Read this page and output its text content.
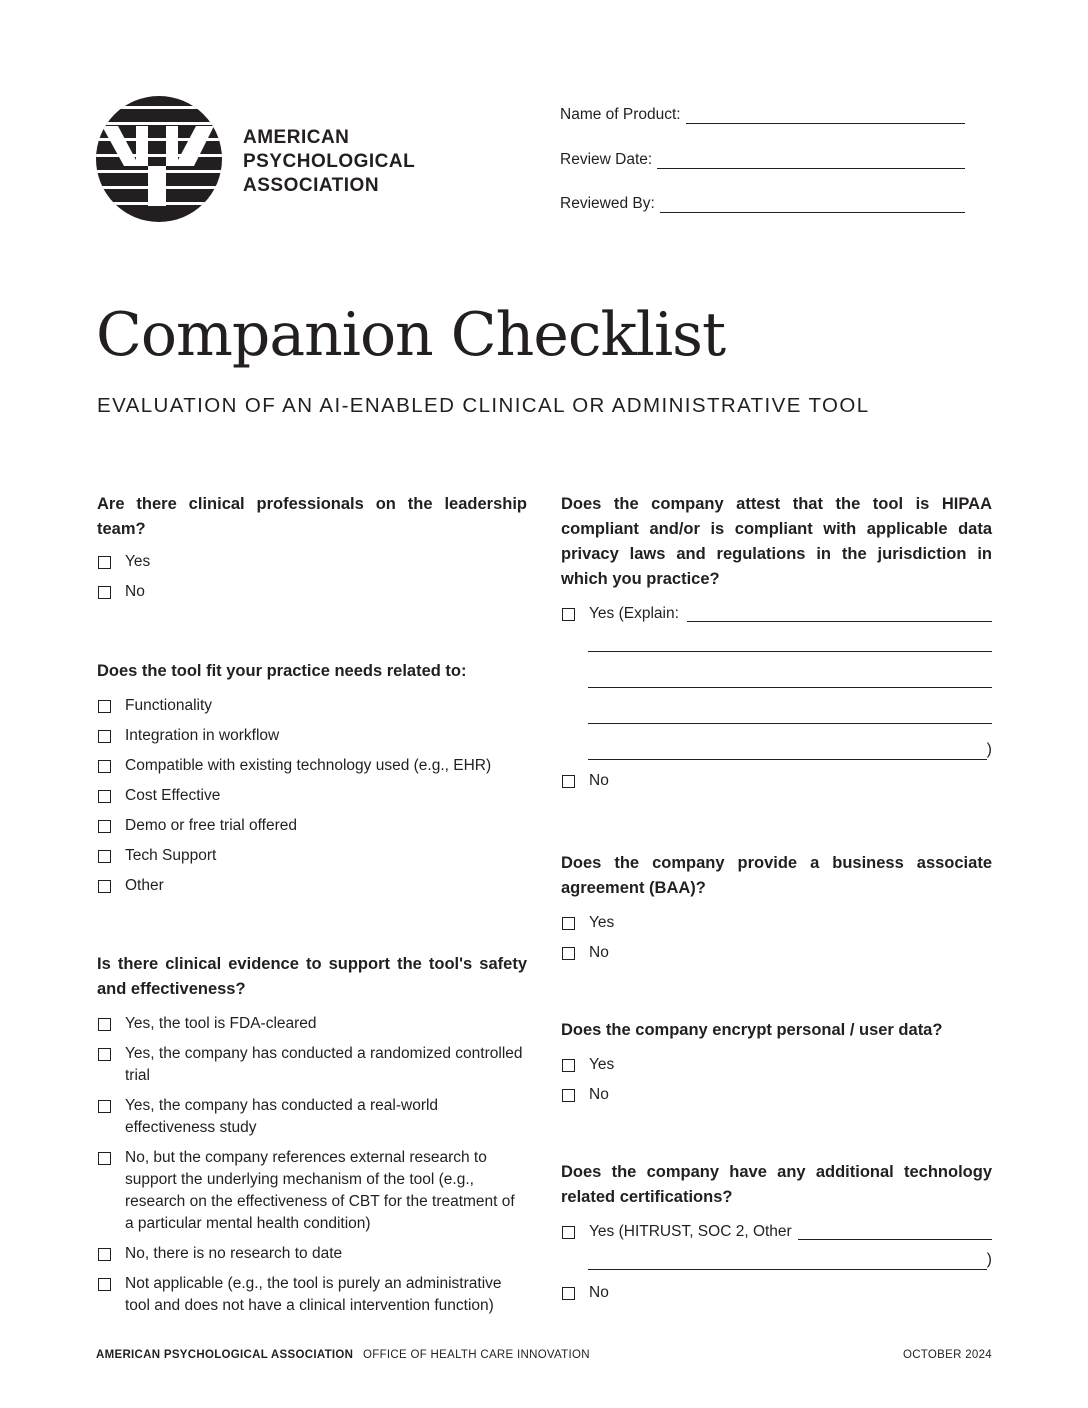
AMERICAN
PSYCHOLOGICAL
ASSOCIATION
Name of Product:
Review Date:
Reviewed By:
Companion Checklist
EVALUATION OF AN AI-ENABLED CLINICAL OR ADMINISTRATIVE TOOL
Are there clinical professionals on the leadership team?
Yes
No
Does the tool fit your practice needs related to:
Functionality
Integration in workflow
Compatible with existing technology used (e.g., EHR)
Cost Effective
Demo or free trial offered
Tech Support
Other
Is there clinical evidence to support the tool's safety and effectiveness?
Yes, the tool is FDA-cleared
Yes, the company has conducted a randomized controlled trial
Yes, the company has conducted a real-world effectiveness study
No, but the company references external research to support the underlying mechanism of the tool (e.g., research on the effectiveness of CBT for the treatment of a particular mental health condition)
No, there is no research to date
Not applicable (e.g., the tool is purely an administrative tool and does not have a clinical intervention function)
Does the company attest that the tool is HIPAA compliant and/or is compliant with applicable data privacy laws and regulations in the jurisdiction in which you practice?
Yes (Explain:
)
No
Does the company provide a business associate agreement (BAA)?
Yes
No
Does the company encrypt personal / user data?
Yes
No
Does the company have any additional technology related certifications?
Yes (HITRUST, SOC 2, Other
)
No
AMERICAN PSYCHOLOGICAL ASSOCIATION OFFICE OF HEALTH CARE INNOVATION	OCTOBER 2024
